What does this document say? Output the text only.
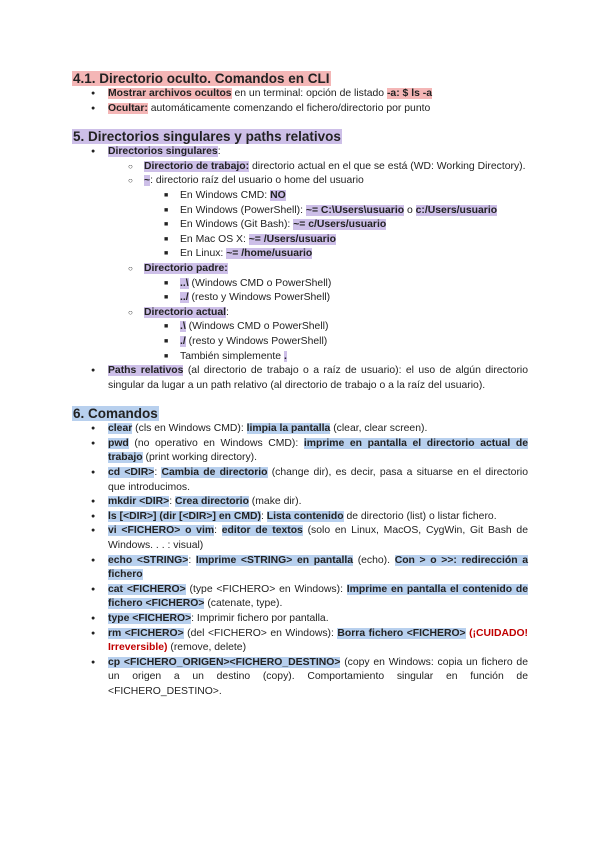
4.1. Directorio oculto. Comandos en CLI
● Mostrar archivos ocultos en un terminal: opción de listado -a: $ ls -a
● Ocultar: automáticamente comenzando el fichero/directorio por punto
5. Directorios singulares y paths relativos
● Directorios singulares:
○ Directorio de trabajo: directorio actual en el que se está (WD: Working Directory).
○ ~: directorio raíz del usuario o home del usuario
■ En Windows CMD: NO
■ En Windows (PowerShell): ~= C:\Users\usuario o c:/Users/usuario
■ En Windows (Git Bash): ~= c/Users/usuario
■ En Mac OS X: ~= /Users/usuario
■ En Linux: ~= /home/usuario
○ Directorio padre:
■ ..\ (Windows CMD o PowerShell)
■ ../ (resto y Windows PowerShell)
○ Directorio actual:
■ .\ (Windows CMD o PowerShell)
■ ./ (resto y Windows PowerShell)
■ También simplemente .
● Paths relativos (al directorio de trabajo o a raíz de usuario): el uso de algún directorio singular da lugar a un path relativo (al directorio de trabajo o a la raíz del usuario).
6. Comandos
● clear (cls en Windows CMD): limpia la pantalla (clear, clear screen).
● pwd (no operativo en Windows CMD): imprime en pantalla el directorio actual de trabajo (print working directory).
● cd <DIR>: Cambia de directorio (change dir), es decir, pasa a situarse en el directorio que introducimos.
● mkdir <DIR>: Crea directorio (make dir).
● ls [<DIR>] (dir [<DIR>] en CMD): Lista contenido de directorio (list) o listar fichero.
● vi <FICHERO> o vim: editor de textos (solo en Linux, MacOS, CygWin, Git Bash de Windows. . . : visual)
● echo <STRING>: Imprime <STRING> en pantalla (echo). Con > o >>: redirección a fichero
● cat <FICHERO> (type <FICHERO> en Windows): Imprime en pantalla el contenido de fichero <FICHERO> (catenate, type).
● type <FICHERO>: Imprimir fichero por pantalla.
● rm <FICHERO> (del <FICHERO> en Windows): Borra fichero <FICHERO> (¡CUIDADO! Irreversible) (remove, delete)
● cp <FICHERO_ORIGEN><FICHERO_DESTINO> (copy en Windows: copia un fichero de un origen a un destino (copy). Comportamiento singular en función de <FICHERO_DESTINO>.
